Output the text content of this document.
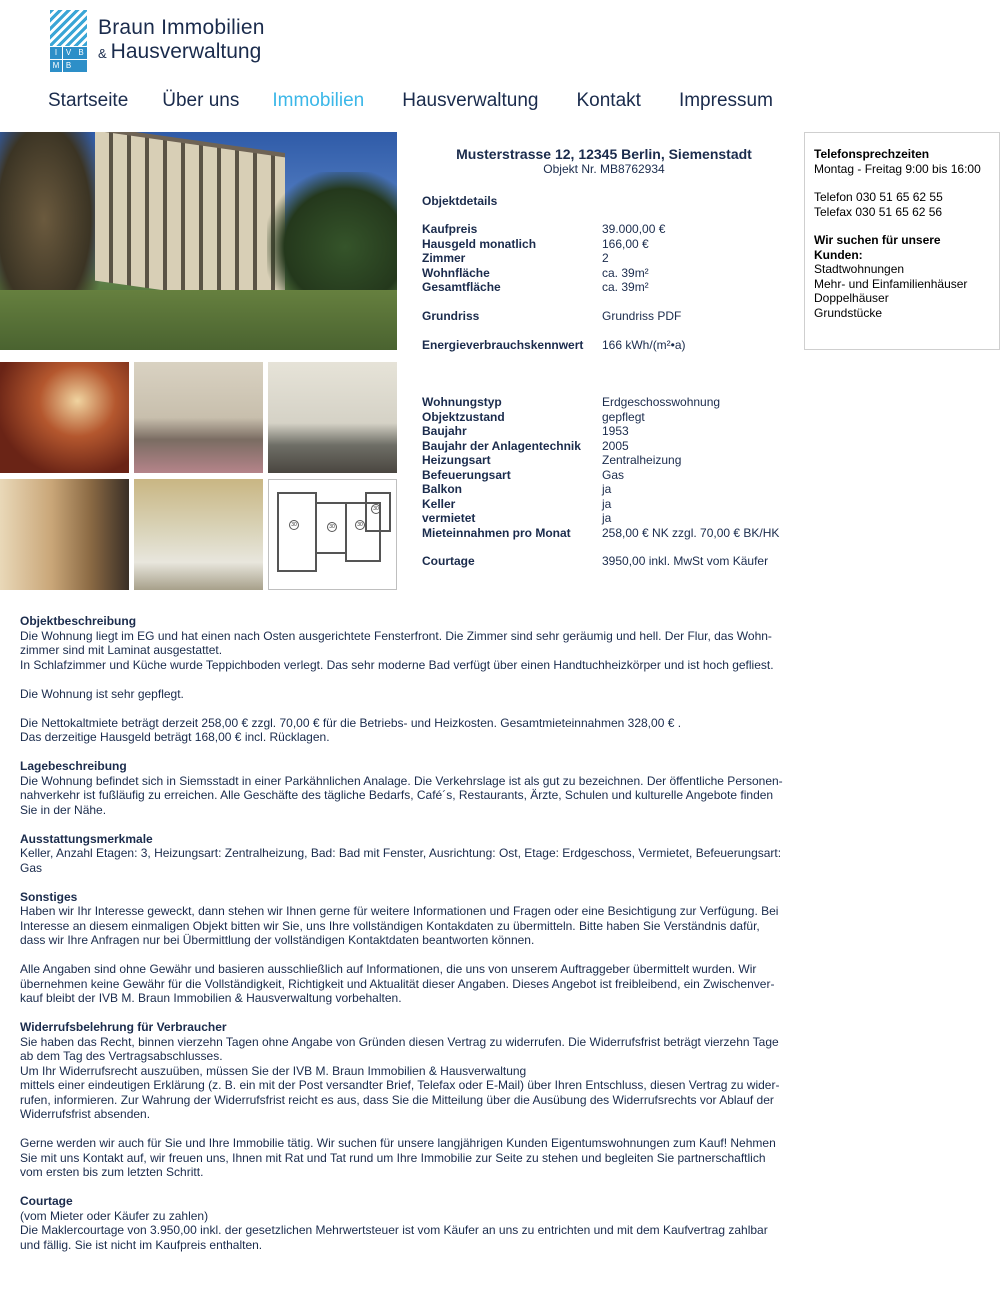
I	V B
M B
Braun Immobilien
& Hausverwaltung
Startseite Über uns Immobilien Hausverwaltung Kontakt Impressum
30	30	30
30
Musterstrasse 12, 12345 Berlin, Siemenstadt
Objekt Nr. MB8762934
Objektdetails
Kaufpreis	39.000,00 €
Hausgeld monatlich	166,00 €
Zimmer	2
Wohnfläche	ca. 39m²
Gesamtfläche	ca. 39m²
Grundriss	Grundriss PDF
Energieverbrauchskennwert	166 kWh/(m²•a)
Wohnungstyp	Erdgeschosswohnung
Objektzustand	gepflegt
Baujahr	1953
Baujahr der Anlagentechnik	2005
Heizungsart	Zentralheizung
Befeuerungsart	Gas
Balkon	ja
Keller	ja
vermietet	ja
Mieteinnahmen pro Monat	258,00 € NK zzgl. 70,00 € BK/HK
Courtage	3950,00 inkl. MwSt vom Käufer
Telefonsprechzeiten
Montag - Freitag 9:00 bis 16:00
Telefon 030 51 65 62 55
Telefax 030 51 65 62 56
Wir suchen für unsere Kunden:
Stadtwohnungen
Mehr- und Einfamilienhäuser
Doppelhäuser
Grundstücke
Objektbeschreibung
Die Wohnung liegt im EG und hat einen nach Osten ausgerichtete Fensterfront. Die Zimmer sind sehr geräumig und hell. Der Flur, das Wohn-
zimmer sind mit Laminat ausgestattet.
In Schlafzimmer und Küche wurde Teppichboden verlegt. Das sehr moderne Bad verfügt über einen Handtuchheizkörper und ist hoch gefliest.
Die Wohnung ist sehr gepflegt.
Die Nettokaltmiete beträgt derzeit 258,00 € zzgl. 70,00 € für die Betriebs- und Heizkosten. Gesamtmieteinnahmen 328,00 € .
Das derzeitige Hausgeld beträgt 168,00 € incl. Rücklagen.
Lagebeschreibung
Die Wohnung befindet sich in Siemsstadt in einer Parkähnlichen Analage. Die Verkehrslage ist als gut zu bezeichnen. Der öffentliche Personen-
nahverkehr ist fußläufig zu erreichen. Alle Geschäfte des tägliche Bedarfs, Café´s, Restaurants, Ärzte, Schulen und kulturelle Angebote finden
Sie in der Nähe.
Ausstattungsmerkmale
Keller, Anzahl Etagen: 3, Heizungsart: Zentralheizung, Bad: Bad mit Fenster, Ausrichtung: Ost, Etage: Erdgeschoss, Vermietet, Befeuerungsart:
Gas
Sonstiges
Haben wir Ihr Interesse geweckt, dann stehen wir Ihnen gerne für weitere Informationen und Fragen oder eine Besichtigung zur Verfügung. Bei
Interesse an diesem einmaligen Objekt bitten wir Sie, uns Ihre vollständigen Kontakdaten zu übermitteln. Bitte haben Sie Verständnis dafür,
dass wir Ihre Anfragen nur bei Übermittlung der vollständigen Kontaktdaten beantworten können.
Alle Angaben sind ohne Gewähr und basieren ausschließlich auf Informationen, die uns von unserem Auftraggeber übermittelt wurden. Wir
übernehmen keine Gewähr für die Vollständigkeit, Richtigkeit und Aktualität dieser Angaben. Dieses Angebot ist freibleibend, ein Zwischenver-
kauf bleibt der IVB M. Braun Immobilien & Hausverwaltung vorbehalten.
Widerrufsbelehrung für Verbraucher
Sie haben das Recht, binnen vierzehn Tagen ohne Angabe von Gründen diesen Vertrag zu widerrufen. Die Widerrufsfrist beträgt vierzehn Tage
ab dem Tag des Vertragsabschlusses.
Um Ihr Widerrufsrecht auszuüben, müssen Sie der IVB M. Braun Immobilien & Hausverwaltung
mittels einer eindeutigen Erklärung (z. B. ein mit der Post versandter Brief, Telefax oder E-Mail) über Ihren Entschluss, diesen Vertrag zu wider-
rufen, informieren. Zur Wahrung der Widerrufsfrist reicht es aus, dass Sie die Mitteilung über die Ausübung des Widerrufsrechts vor Ablauf der
Widerrufsfrist absenden.
Gerne werden wir auch für Sie und Ihre Immobilie tätig. Wir suchen für unsere langjährigen Kunden Eigentumswohnungen zum Kauf! Nehmen
Sie mit uns Kontakt auf, wir freuen uns, Ihnen mit Rat und Tat rund um Ihre Immobilie zur Seite zu stehen und begleiten Sie partnerschaftlich
vom ersten bis zum letzten Schritt.
Courtage
(vom Mieter oder Käufer zu zahlen)
Die Maklercourtage von 3.950,00 inkl. der gesetzlichen Mehrwertsteuer ist vom Käufer an uns zu entrichten und mit dem Kaufvertrag zahlbar
und fällig. Sie ist nicht im Kaufpreis enthalten.
